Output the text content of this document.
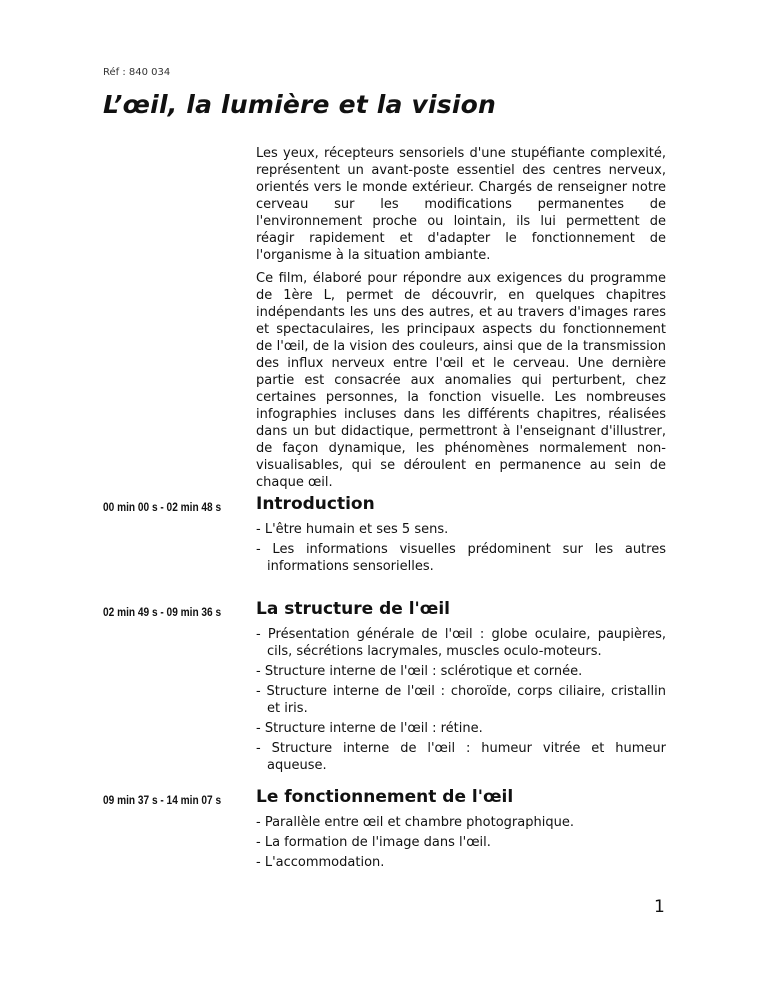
Réf : 840 034
L’œil, la lumière et la vision

Les yeux, récepteurs sensoriels d'une stupéfiante complexité, représentent un avant-poste essentiel des centres nerveux, orientés vers le monde extérieur. Chargés de renseigner notre cerveau sur les modifications permanentes de l'environnement proche ou lointain, ils lui permettent de réagir rapidement et d'adapter le fonctionnement de l'organisme à la situation ambiante.

Ce film, élaboré pour répondre aux exigences du programme de 1ère L, permet de découvrir, en quelques chapitres indépendants les uns des autres, et au travers d'images rares et spectaculaires, les principaux aspects du fonctionnement de l'œil, de la vision des couleurs, ainsi que de la transmission des influx nerveux entre l'œil et le cerveau. Une dernière partie est consacrée aux anomalies qui perturbent, chez certaines personnes, la fonction visuelle. Les nombreuses infographies incluses dans les différents chapitres, réalisées dans un but didactique, permettront à l'enseignant d'illustrer, de façon dynamique, les phénomènes normalement non-visualisables, qui se déroulent en permanence au sein de chaque œil.

00 min 00 s - 02 min 48 s	Introduction
- L'être humain et ses 5 sens.
- Les informations visuelles prédominent sur les autres informations sensorielles.
02 min 49 s - 09 min 36 s	La structure de l'œil
- Présentation générale de l'œil : globe oculaire, paupières, cils, sécrétions lacrymales, muscles oculo-moteurs.
- Structure interne de l'œil : sclérotique et cornée.
- Structure interne de l'œil : choroïde, corps ciliaire, cristallin et iris.
- Structure interne de l'œil : rétine.
- Structure interne de l'œil : humeur vitrée et humeur aqueuse.
09 min 37 s - 14 min 07 s	Le fonctionnement de l'œil
- Parallèle entre œil et chambre photographique.
- La formation de l'image dans l'œil.
- L'accommodation.
1
